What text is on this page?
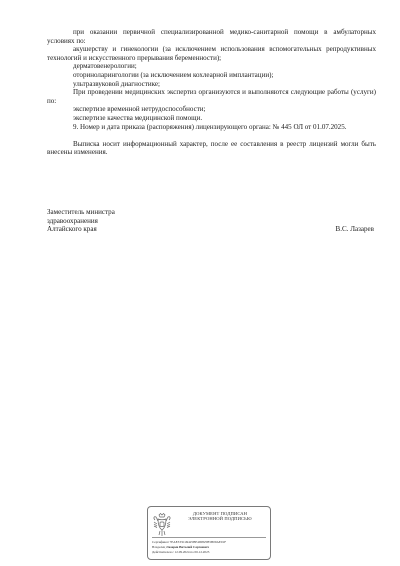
при оказании первичной специализированной медико-санитарной помощи в амбулаторных условиях по:

акушерству и гинекологии (за исключением использования вспомогательных репродуктивных технологий и искусственного прерывания беременности);

дерматовенерологии;

оториноларингологии (за исключением кохлеарной имплантации);

ультразвуковой диагностике;

При проведении медицинских экспертиз организуются и выполняются следующие работы (услуги) по:

экспертизе временной нетрудоспособности;

экспертизе качества медицинской помощи.

9. Номер и дата приказа (распоряжения) лицензирующего органа: № 445 ОЛ от 01.07.2025.

Выписка носит информационный характер, после ее составления в реестр лицензий могли быть внесены изменения.

Заместитель министра
здравоохранения
Алтайского края	В.С. Лазарев
ДОКУМЕНТ ПОДПИСАН
ЭЛЕКТРОННОЙ ПОДПИСЬЮ
Сертификат 7EAE333C49425BE490825B5B09AE01F
Владелец Лазарев Виталий Сергеевич
Действителен с 12.09.2024 по 06.12.2025
